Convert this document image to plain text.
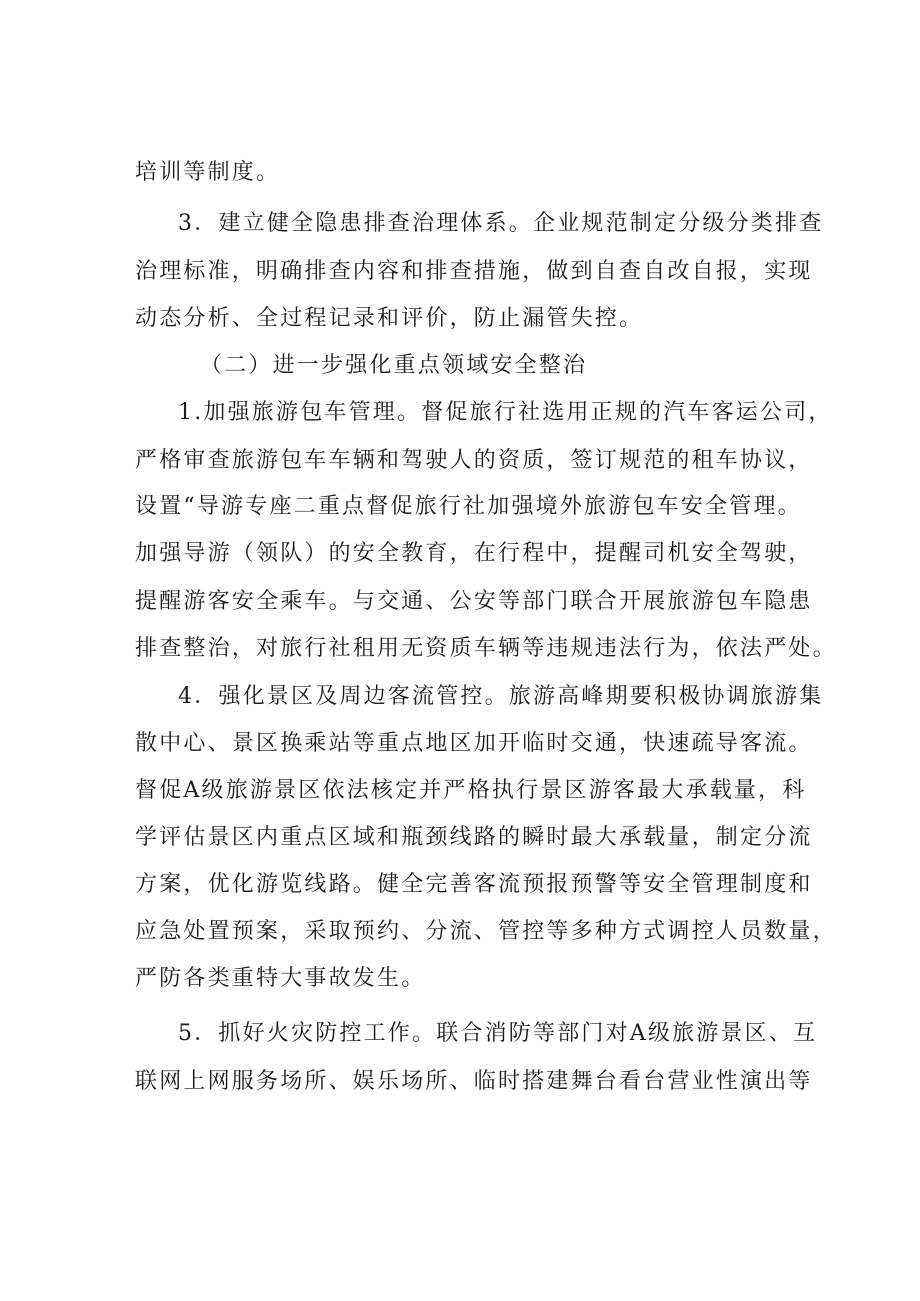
培训等制度。
3．建立健全隐患排查治理体系。企业规范制定分级分类排查
治理标准，明确排查内容和排查措施，做到自查自改自报，实现
动态分析、全过程记录和评价，防止漏管失控。
（二）进一步强化重点领域安全整治
1.加强旅游包车管理。督促旅行社选用正规的汽车客运公司，
严格审查旅游包车车辆和驾驶人的资质，签订规范的租车协议，
设置“导游专座二重点督促旅行社加强境外旅游包车安全管理。
加强导游（领队）的安全教育，在行程中，提醒司机安全驾驶，
提醒游客安全乘车。与交通、公安等部门联合开展旅游包车隐患
排查整治，对旅行社租用无资质车辆等违规违法行为，依法严处。
4．强化景区及周边客流管控。旅游高峰期要积极协调旅游集
散中心、景区换乘站等重点地区加开临时交通，快速疏导客流。
督促A级旅游景区依法核定并严格执行景区游客最大承载量，科
学评估景区内重点区域和瓶颈线路的瞬时最大承载量，制定分流
方案，优化游览线路。健全完善客流预报预警等安全管理制度和
应急处置预案，采取预约、分流、管控等多种方式调控人员数量，
严防各类重特大事故发生。
5．抓好火灾防控工作。联合消防等部门对A级旅游景区、互
联网上网服务场所、娱乐场所、临时搭建舞台看台营业性演出等
